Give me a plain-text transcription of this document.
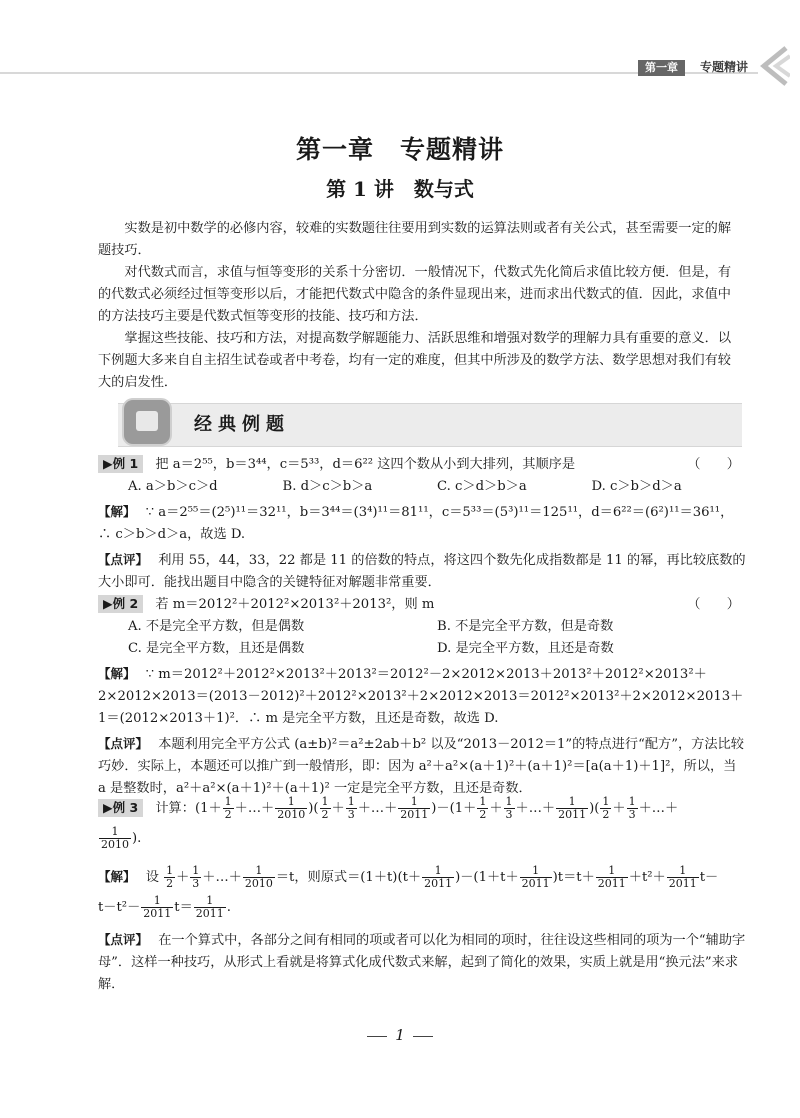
第一章	专题精讲
第一章　专题精讲
第 1 讲　数与式

实数是初中数学的必修内容，较难的实数题往往要用到实数的运算法则或者有关公式，甚至需要一定的解题技巧．

对代数式而言，求值与恒等变形的关系十分密切．一般情况下，代数式先化简后求值比较方便．但是，有的代数式必须经过恒等变形以后，才能把代数式中隐含的条件显现出来，进而求出代数式的值．因此，求值中的方法技巧主要是代数式恒等变形的技能、技巧和方法．

掌握这些技能、技巧和方法，对提高数学解题能力、活跃思维和增强对数学的理解力具有重要的意义．以下例题大多来自自主招生试卷或者中考卷，均有一定的难度，但其中所涉及的数学方法、数学思想对我们有较大的启发性．

经典例题

▶例 1 把 a＝2⁵⁵，b＝3⁴⁴，c＝5³³，d＝6²² 这四个数从小到大排列，其顺序是	（　　）

A. a＞b＞c＞d	B. d＞c＞b＞a	C. c＞d＞b＞a	D. c＞b＞d＞a

【解】 ∵ a＝2⁵⁵＝(2⁵)¹¹＝32¹¹，b＝3⁴⁴＝(3⁴)¹¹＝81¹¹，c＝5³³＝(5³)¹¹＝125¹¹，d＝6²²＝(6²)¹¹＝36¹¹，∴ c＞b＞d＞a，故选 D.

【点评】 利用 55，44，33，22 都是 11 的倍数的特点，将这四个数先化成指数都是 11 的幂，再比较底数的大小即可．能找出题目中隐含的关键特征对解题非常重要．

▶例 2 若 m＝2012²＋2012²×2013²＋2013²，则 m	（　　）

A. 不是完全平方数，但是偶数	B. 不是完全平方数，但是奇数
C. 是完全平方数，且还是偶数	D. 是完全平方数，且还是奇数

【解】 ∵ m＝2012²＋2012²×2013²＋2013²＝2012²－2×2012×2013＋2013²＋2012²×2013²＋2×2012×2013＝(2013－2012)²＋2012²×2013²＋2×2012×2013＝2012²×2013²＋2×2012×2013＋1＝(2012×2013＋1)²．∴ m 是完全平方数，且还是奇数，故选 D.

【点评】 本题利用完全平方公式 (a±b)²＝a²±2ab＋b² 以及“2013－2012＝1”的特点进行“配方”，方法比较巧妙．实际上，本题还可以推广到一般情形，即：因为 a²＋a²×(a＋1)²＋(a＋1)²＝[a(a＋1)＋1]²，所以，当 a 是整数时，a²＋a²×(a＋1)²＋(a＋1)² 一定是完全平方数，且还是奇数．

▶例 3 计算：($1+ \frac{1}{2}$ ＋…＋ $\frac{1}{2010}$ )( $\frac{1}{2} + \frac{1}{3}$ ＋…＋ $\frac{1}{2011} )-(1+ \frac{1}{2} + \frac{1}{3}$ ＋…＋ $\frac{1}{2011}$ )( $\frac{1}{2} + \frac{1}{3}$ ＋…＋
$\frac{1}{2010}$ ).
【解】 设 $\frac{1}{2} + \frac{1}{3}$ ＋…＋ $\frac{1}{2010} =t$，则原式$=(1+t)(t+ \frac{1}{2011} )-(1+t+ \frac{1}{2011} )t=t+ \frac{1}{2011} +t^2+ \frac{1}{2011} t-$
$t-t^2- \frac{1}{2011} t= \frac{1}{2011}$ .

【点评】 在一个算式中，各部分之间有相同的项或者可以化为相同的项时，往往设这些相同的项为一个“辅助字母”．这样一种技巧，从形式上看就是将算式化成代数式来解，起到了简化的效果，实质上就是用“换元法”来求解．

1
